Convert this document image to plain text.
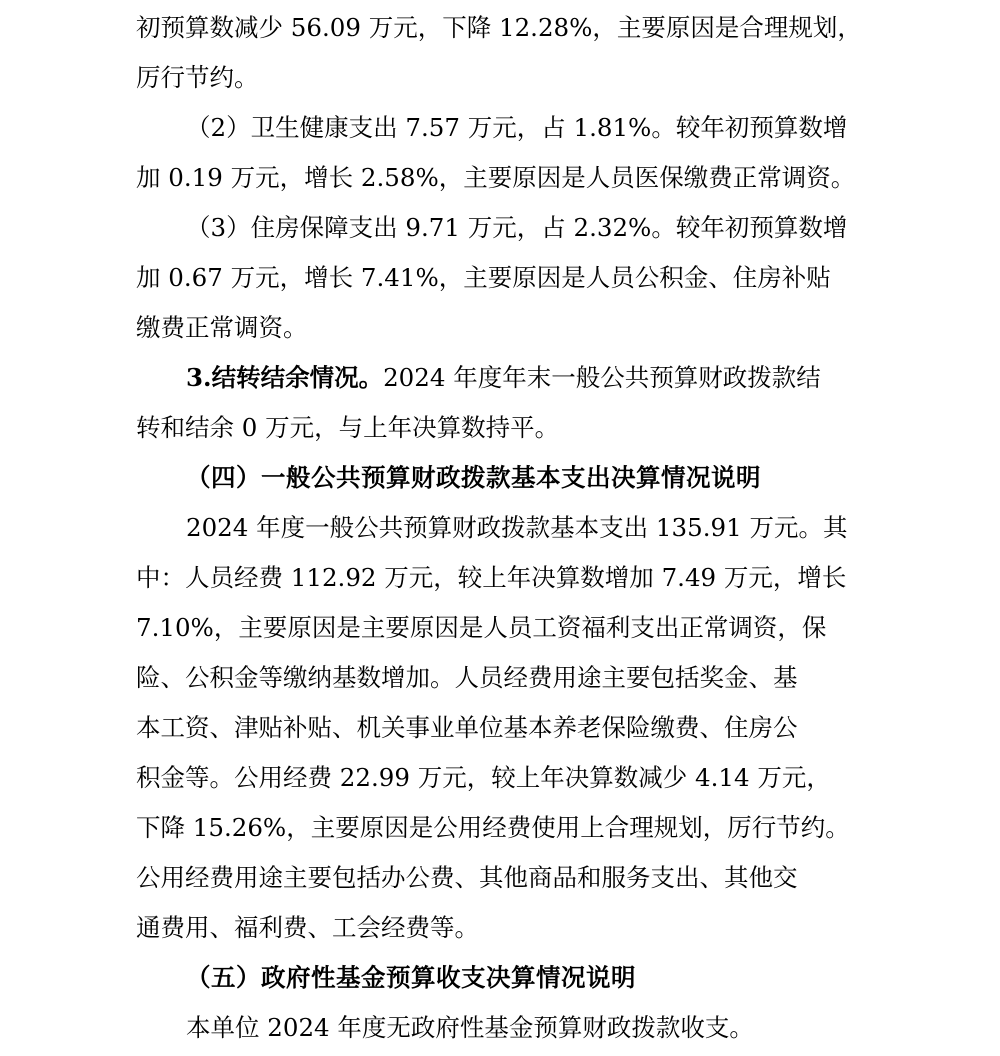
初预算数减少 56.09 万元，下降 12.28%，主要原因是合理规划，
厉行节约。
（2）卫生健康支出 7.57 万元，占 1.81%。较年初预算数增
加 0.19 万元，增长 2.58%，主要原因是人员医保缴费正常调资。
（3）住房保障支出 9.71 万元，占 2.32%。较年初预算数增
加 0.67 万元，增长 7.41%，主要原因是人员公积金、住房补贴
缴费正常调资。
3.结转结余情况。2024 年度年末一般公共预算财政拨款结
转和结余 0 万元，与上年决算数持平。
（四）一般公共预算财政拨款基本支出决算情况说明
2024 年度一般公共预算财政拨款基本支出 135.91 万元。其
中：人员经费 112.92 万元，较上年决算数增加 7.49 万元，增长
7.10%，主要原因是主要原因是人员工资福利支出正常调资，保
险、公积金等缴纳基数增加。人员经费用途主要包括奖金、基
本工资、津贴补贴、机关事业单位基本养老保险缴费、住房公
积金等。公用经费 22.99 万元，较上年决算数减少 4.14 万元，
下降 15.26%，主要原因是公用经费使用上合理规划，厉行节约。
公用经费用途主要包括办公费、其他商品和服务支出、其他交
通费用、福利费、工会经费等。
（五）政府性基金预算收支决算情况说明
本单位 2024 年度无政府性基金预算财政拨款收支。
